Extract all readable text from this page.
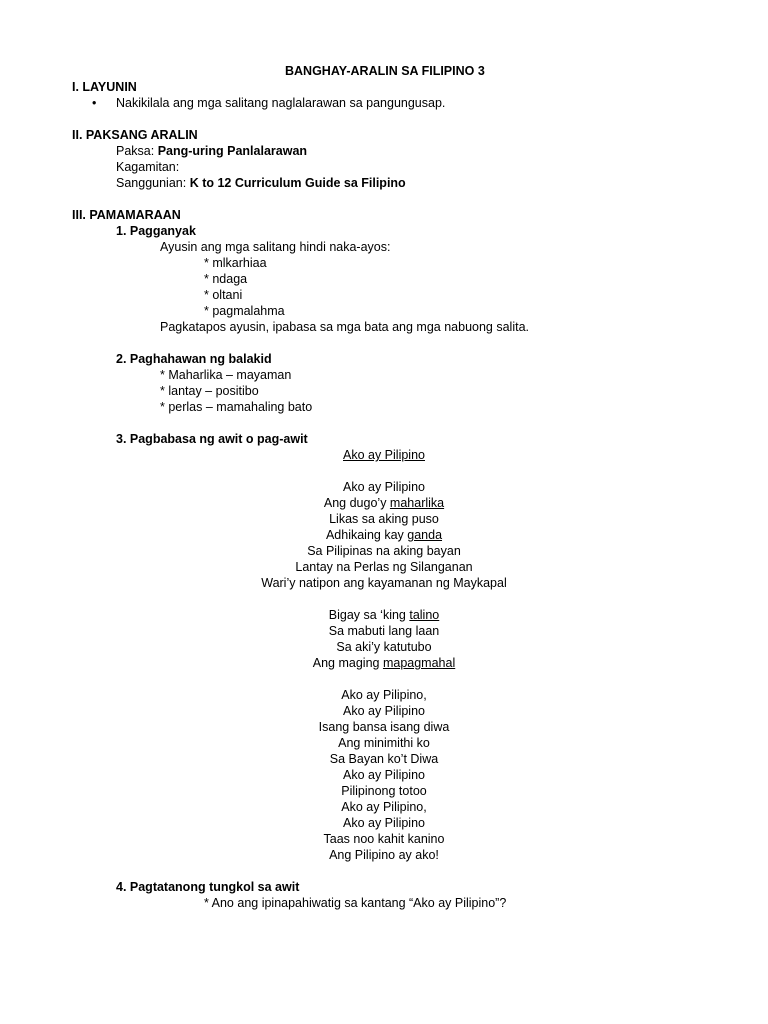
BANGHAY-ARALIN SA FILIPINO 3
I. LAYUNIN
• Nakikilala ang mga salitang naglalarawan sa pangungusap.
II. PAKSANG ARALIN
Paksa: Pang-uring Panlalarawan
Kagamitan:
Sanggunian: K to 12 Curriculum Guide sa Filipino
III. PAMAMARAAN
1. Pagganyak
Ayusin ang mga salitang hindi naka-ayos:
* mlkarhiaa
* ndaga
* oltani
* pagmalahma
Pagkatapos ayusin, ipabasa sa mga bata ang mga nabuong salita.
2. Paghahawan ng balakid
* Maharlika – mayaman
* lantay – positibo
* perlas – mamahaling bato
3. Pagbabasa ng awit o pag-awit
Ako ay Pilipino
Ako ay Pilipino
Ang dugo’y maharlika
Likas sa aking puso
Adhikaing kay ganda
Sa Pilipinas na aking bayan
Lantay na Perlas ng Silanganan
Wari’y natipon ang kayamanan ng Maykapal
Bigay sa ‘king talino
Sa mabuti lang laan
Sa aki’y katutubo
Ang maging mapagmahal
Ako ay Pilipino,
Ako ay Pilipino
Isang bansa isang diwa
Ang minimithi ko
Sa Bayan ko’t Diwa
Ako ay Pilipino
Pilipinong totoo
Ako ay Pilipino,
Ako ay Pilipino
Taas noo kahit kanino
Ang Pilipino ay ako!
4. Pagtatanong tungkol sa awit
* Ano ang ipinapahiwatig sa kantang “Ako ay Pilipino”?
